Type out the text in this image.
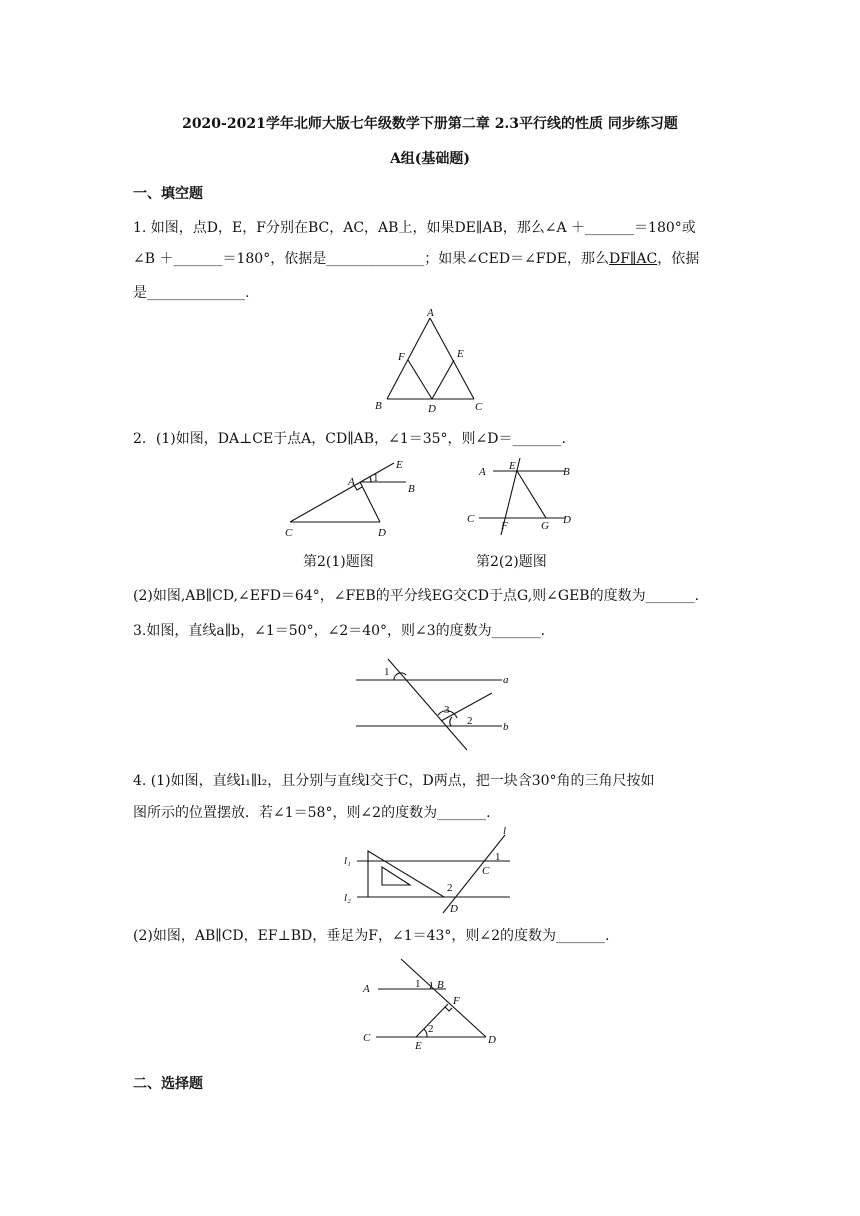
2020-2021学年北师大版七年级数学下册第二章 2.3平行线的性质 同步练习题
A组(基础题)
一、填空题
1. 如图，点D，E，F分别在BC，AC，AB上，如果DE∥AB，那么∠A ＋_______＝180°或
∠B ＋_______＝180°，依据是______________；如果∠CED＝∠FDE，那么DF∥AC，依据
是______________.
A
F	E
B	D	C
2．(1)如图，DA⊥CE于点A，CD∥AB，∠1＝35°，则∠D＝_______.
E
A 1
B
C	D
A E	B
C
F	G D
第2(1)题图	第2(2)题图
(2)如图,AB∥CD,∠EFD＝64°，∠FEB的平分线EG交CD于点G,则∠GEB的度数为_______.
3.如图，直线a∥b，∠1＝50°，∠2＝40°，则∠3的度数为_______.
1
a
3
2	b
4. (1)如图，直线l₁∥l₂，且分别与直线l交于C，D两点，把一块含30°角的三角尺按如
图所示的位置摆放．若∠1＝58°，则∠2的度数为_______.
l
l₁	1
C
l₂
2
D
(2)如图，AB∥CD，EF⊥BD，垂足为F，∠1＝43°，则∠2的度数为_______.
A	1 B
F
2
C
E	D
二、选择题
